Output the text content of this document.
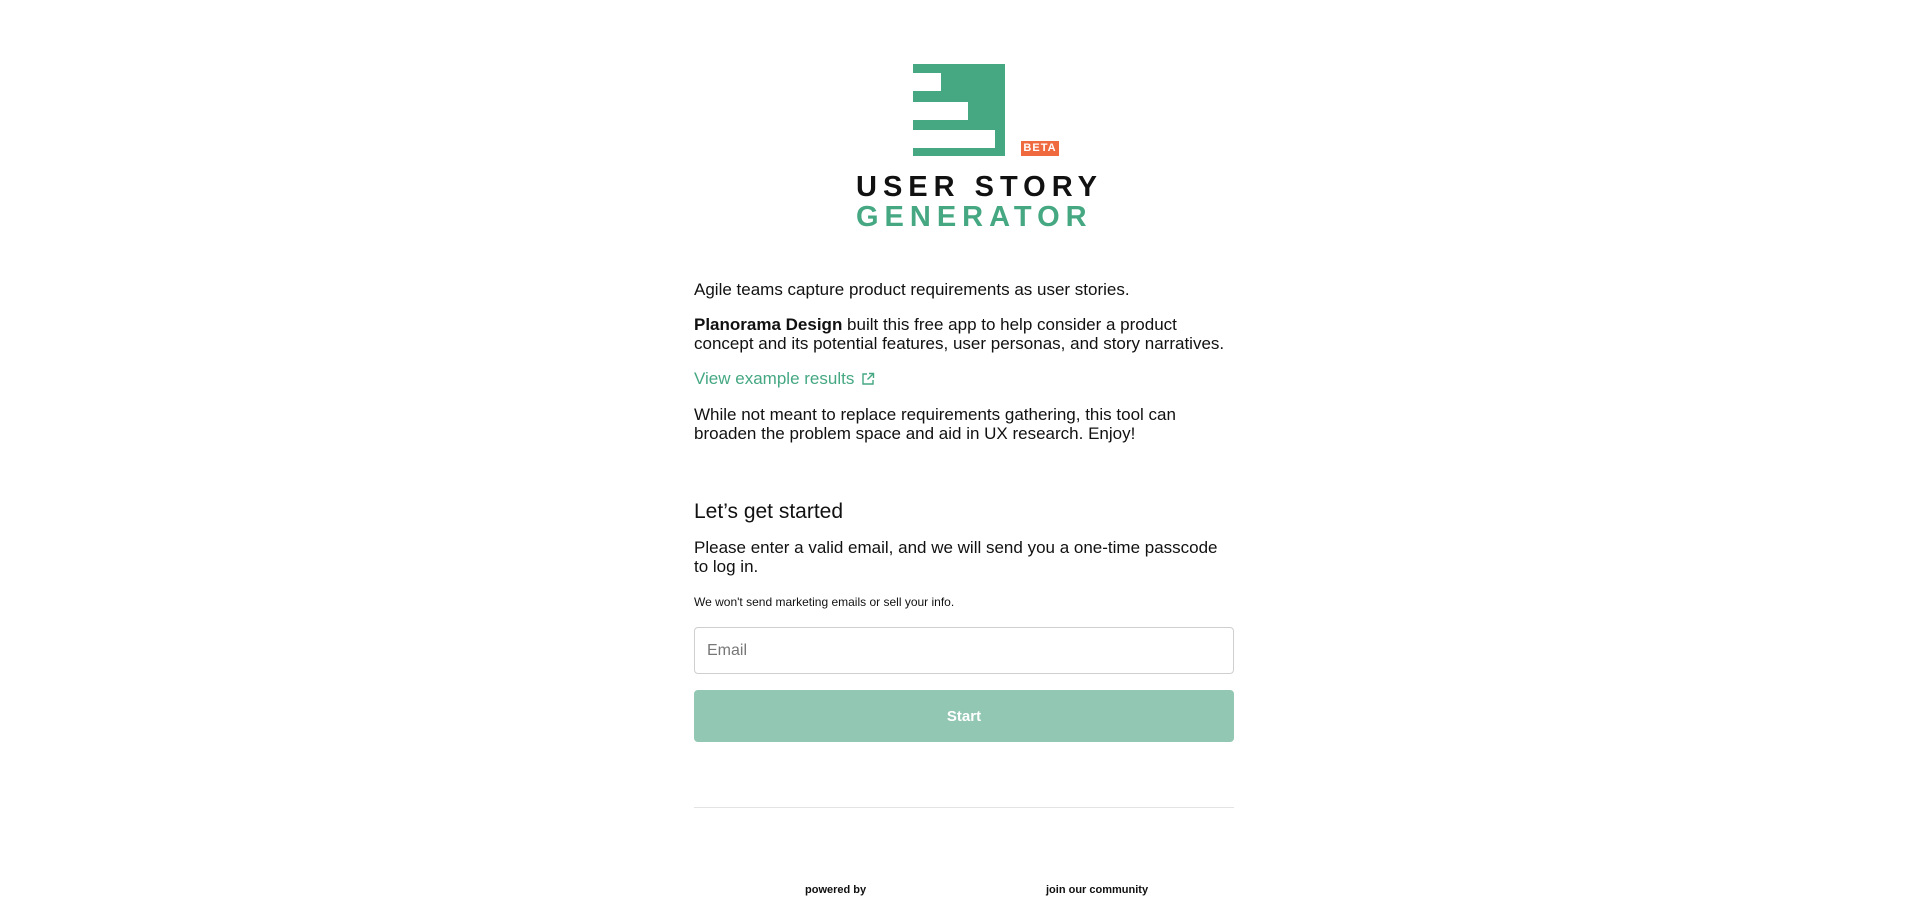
BETA
USER STORY
GENERATOR

Agile teams capture product requirements as user stories.

Planorama Design built this free app to help consider a product concept and its potential features, user personas, and story narratives.

View example results

While not meant to replace requirements gathering, this tool can broaden the problem space and aid in UX research. Enjoy!

Let’s get started

Please enter a valid email, and we will send you a one-time passcode to log in.

We won't send marketing emails or sell your info.

Email
Start
powered by	join our community
